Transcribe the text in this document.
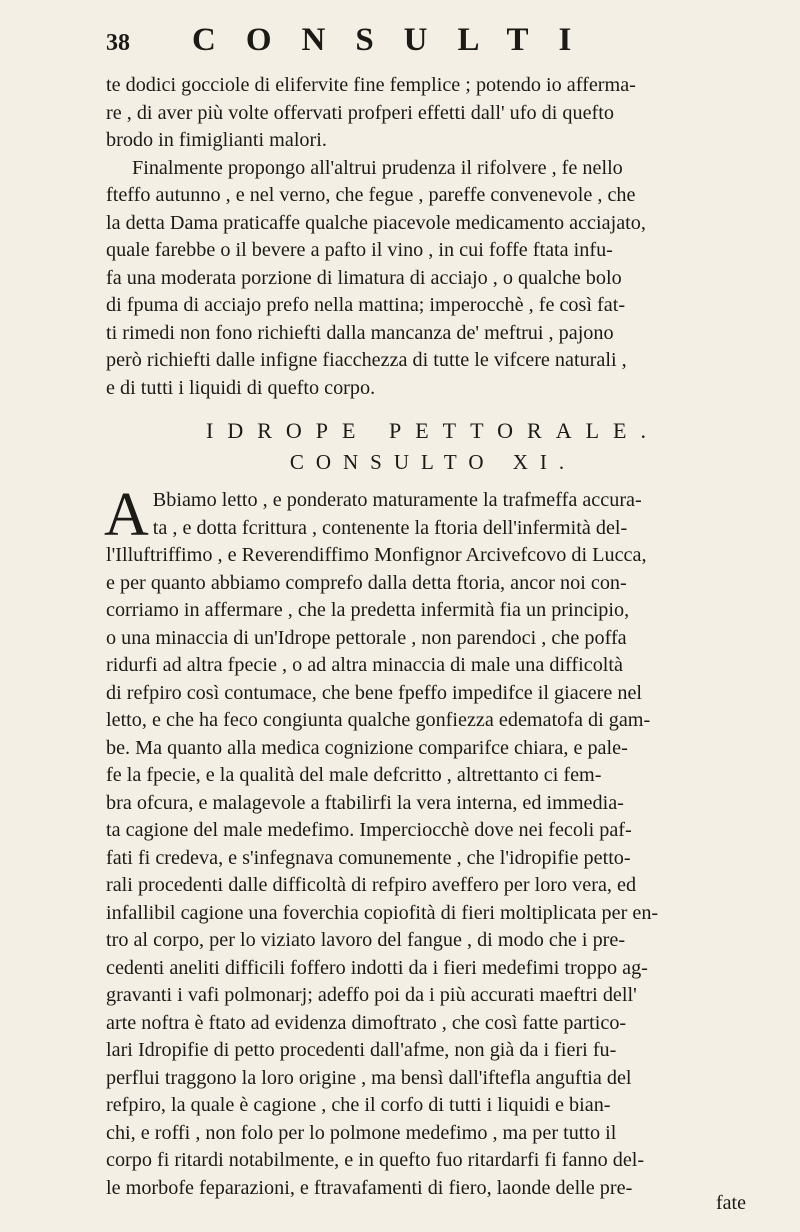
38	CONSULTI

te dodici gocciole di elifervite fine femplice ; potendo io afferma-
re , di aver più volte offervati profperi effetti dall' ufo di quefto
brodo in fimiglianti malori.

Finalmente propongo all'altrui prudenza il rifolvere , fe nello
fteffo autunno , e nel verno, che fegue , pareffe convenevole , che
la detta Dama praticaffe qualche piacevole medicamento acciajato,
quale farebbe o il bevere a pafto il vino , in cui foffe ftata infu-
fa una moderata porzione di limatura di acciajo , o qualche bolo
di fpuma di acciajo prefo nella mattina; imperocchè , fe così fat-
ti rimedi non fono richiefti dalla mancanza de' meftrui , pajono
però richiefti dalle infigne fiacchezza di tutte le vifcere naturali ,
e di tutti i liquidi di quefto corpo.

IDROPE PETTORALE.
CONSULTO XI.
A Bbiamo letto , e ponderato maturamente la trafmeffa accura-
ta , e dotta fcrittura , contenente la ftoria dell'infermità del-

l'Illuftriffimo , e Reverendiffimo Monfignor Arcivefcovo di Lucca,
e per quanto abbiamo comprefo dalla detta ftoria, ancor noi con-
corriamo in affermare , che la predetta infermità fia un principio,
o una minaccia di un'Idrope pettorale , non parendoci , che poffa
ridurfi ad altra fpecie , o ad altra minaccia di male una difficoltà
di refpiro così contumace, che bene fpeffo impedifce il giacere nel
letto, e che ha feco congiunta qualche gonfiezza edematofa di gam-
be. Ma quanto alla medica cognizione comparifce chiara, e pale-
fe la fpecie, e la qualità del male defcritto , altrettanto ci fem-
bra ofcura, e malagevole a ftabilirfi la vera interna, ed immedia-
ta cagione del male medefimo. Imperciocchè dove nei fecoli paf-
fati fi credeva, e s'infegnava comunemente , che l'idropifie petto-
rali procedenti dalle difficoltà di refpiro aveffero per loro vera, ed
infallibil cagione una foverchia copiofità di fieri moltiplicata per en-
tro al corpo, per lo viziato lavoro del fangue , di modo che i pre-
cedenti aneliti difficili foffero indotti da i fieri medefimi troppo ag-
gravanti i vafi polmonarj; adeffo poi da i più accurati maeftri dell'
arte noftra è ftato ad evidenza dimoftrato , che così fatte partico-
lari Idropifie di petto procedenti dall'afme, non già da i fieri fu-
perflui traggono la loro origine , ma bensì dall'iftefla anguftia del
refpiro, la quale è cagione , che il corfo di tutti i liquidi e bian-
chi, e roffi , non folo per lo polmone medefimo , ma per tutto il
corpo fi ritardi notabilmente, e in quefto fuo ritardarfi fi fanno del-
le morbofe feparazioni, e ftravafamenti di fiero, laonde delle pre-

fate
